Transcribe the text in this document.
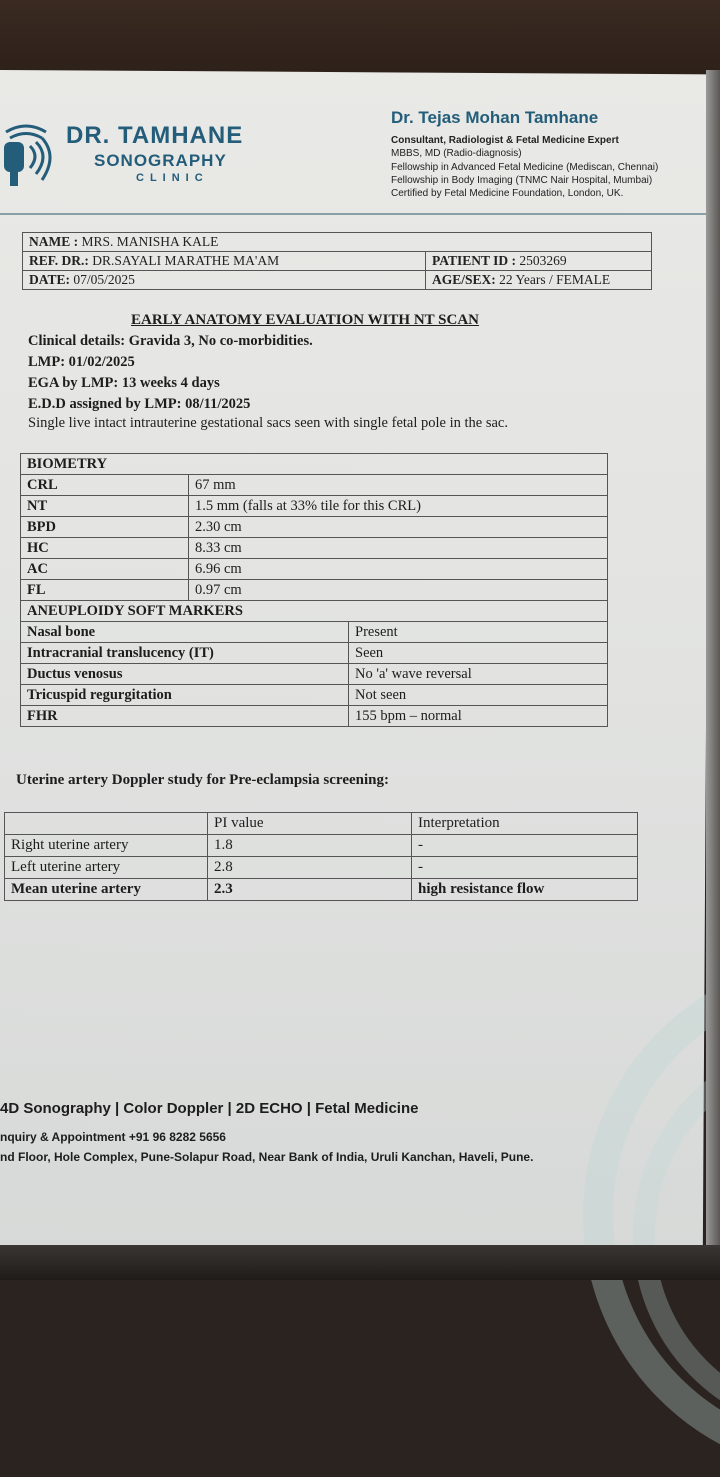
DR. TAMHANE
SONOGRAPHY
CLINIC
Dr. Tejas Mohan Tamhane
Consultant, Radiologist & Fetal Medicine Expert
MBBS, MD (Radio-diagnosis)
Fellowship in Advanced Fetal Medicine (Mediscan, Chennai)
Fellowship in Body Imaging (TNMC Nair Hospital, Mumbai)
Certified by Fetal Medicine Foundation, London, UK.
NAME : MRS. MANISHA KALE	
REF. DR.: DR.SAYALI MARATHE MA'AM	PATIENT ID : 2503269
DATE: 07/05/2025	AGE/SEX: 22 Years / FEMALE
EARLY ANATOMY EVALUATION WITH NT SCAN
Clinical details: Gravida 3, No co-morbidities.
LMP: 01/02/2025
EGA by LMP: 13 weeks 4 days
E.D.D assigned by LMP: 08/11/2025
Single live intact intrauterine gestational sacs seen with single fetal pole in the sac.
BIOMETRY		
CRL	67 mm	
NT	1.5 mm (falls at 33% tile for this CRL)	
BPD	2.30 cm	
HC	8.33 cm	
AC	6.96 cm	
FL	0.97 cm	
ANEUPLOIDY SOFT MARKERS		
Nasal bone		Present
Intracranial translucency (IT)		Seen
Ductus venosus		No 'a' wave reversal
Tricuspid regurgitation		Not seen
FHR		155 bpm – normal
Uterine artery Doppler study for Pre-eclampsia screening:
	PI value	Interpretation
Right uterine artery	1.8	-
Left uterine artery	2.8	-
Mean uterine artery	2.3	high resistance flow
4D Sonography | Color Doppler | 2D ECHO | Fetal Medicine
nquiry & Appointment +91 96 8282 5656
nd Floor, Hole Complex, Pune-Solapur Road, Near Bank of India, Uruli Kanchan, Haveli, Pune.
